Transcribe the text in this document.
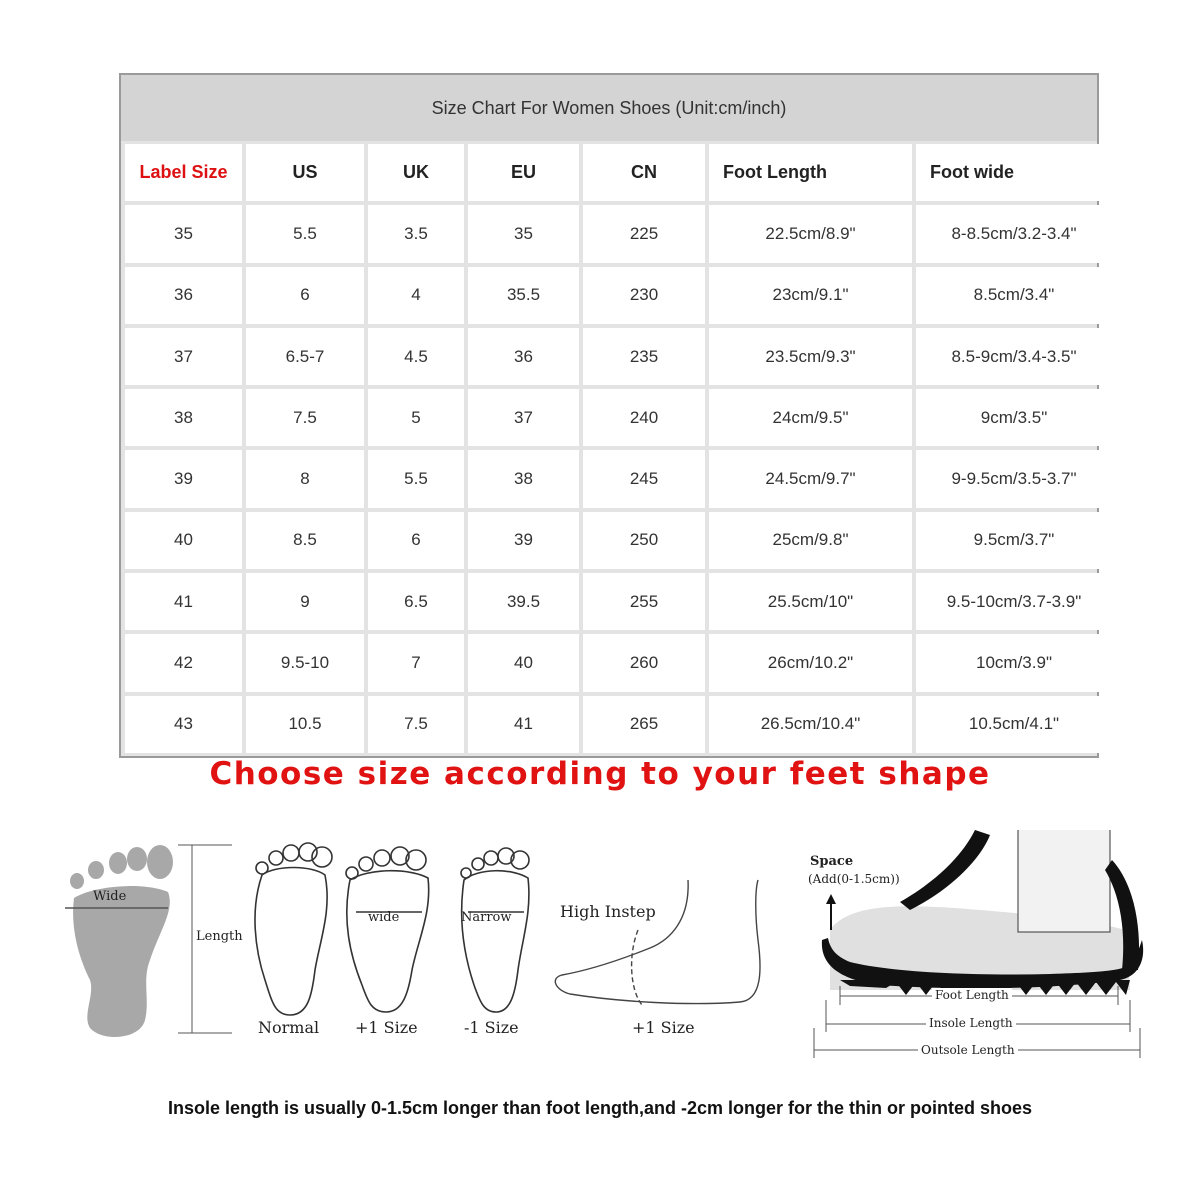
Size Chart For Women Shoes (Unit:cm/inch)
Label Size	US	UK	EU	CN	Foot Length	Foot wide
35	5.5	3.5	35	225	22.5cm/8.9"	8-8.5cm/3.2-3.4"
36	6	4	35.5	230	23cm/9.1"	8.5cm/3.4"
37	6.5-7	4.5	36	235	23.5cm/9.3"	8.5-9cm/3.4-3.5"
38	7.5	5	37	240	24cm/9.5"	9cm/3.5"
39	8	5.5	38	245	24.5cm/9.7"	9-9.5cm/3.5-3.7"
40	8.5	6	39	250	25cm/9.8"	9.5cm/3.7"
41	9	6.5	39.5	255	25.5cm/10"	9.5-10cm/3.7-3.9"
42	9.5-10	7	40	260	26cm/10.2"	10cm/3.9"
43	10.5	7.5	41	265	26.5cm/10.4"	10.5cm/4.1"
Choose size according to your feet shape
Wide
Length
Normal
wide
+1 Size
Narrow
-1 Size
High Instep
+1 Size
Space
(Add(0-1.5cm))
Foot Length
Insole Length
Outsole Length
Insole length is usually 0-1.5cm longer than foot length,and -2cm longer for the thin or pointed shoes
